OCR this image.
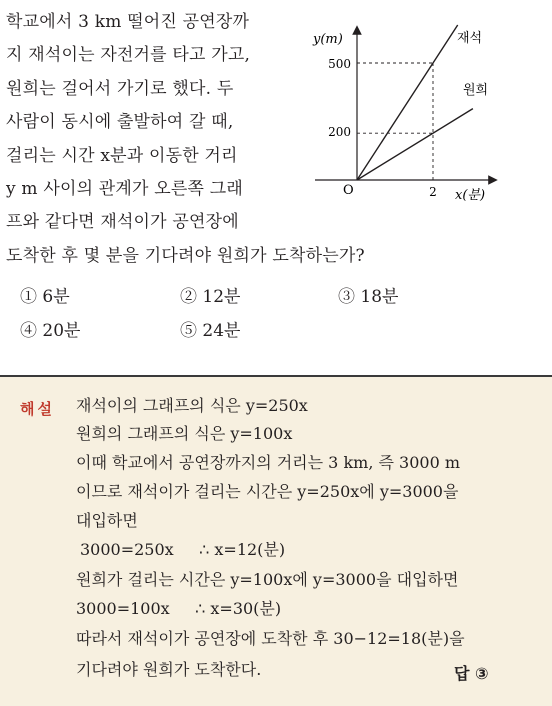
학교에서 3 km 떨어진 공연장까
지 재석이는 자전거를 타고 가고,
원희는 걸어서 가기로 했다. 두
사람이 동시에 출발하여 갈 때,
걸리는 시간 x분과 이동한 거리
y m 사이의 관계가 오른쪽 그래
프와 같다면 재석이가 공연장에
도착한 후 몇 분을 기다려야 원희가 도착하는가?
① 6분	② 12분	③ 18분
④ 20분	⑤ 24분
y(m)
x(분)
O
500
200
2
재석
원희
해설 재석이의 그래프의 식은 y=250x
원희의 그래프의 식은 y=100x
이때 학교에서 공연장까지의 거리는 3 km, 즉 3000 m
이므로 재석이가 걸리는 시간은 y=250x에 y=3000을
대입하면
3000=250x     ∴ x=12(분)
원희가 걸리는 시간은 y=100x에 y=3000을 대입하면
3000=100x     ∴ x=30(분)
따라서 재석이가 공연장에 도착한 후 30−12=18(분)을
기다려야 원희가 도착한다.	답 ③
